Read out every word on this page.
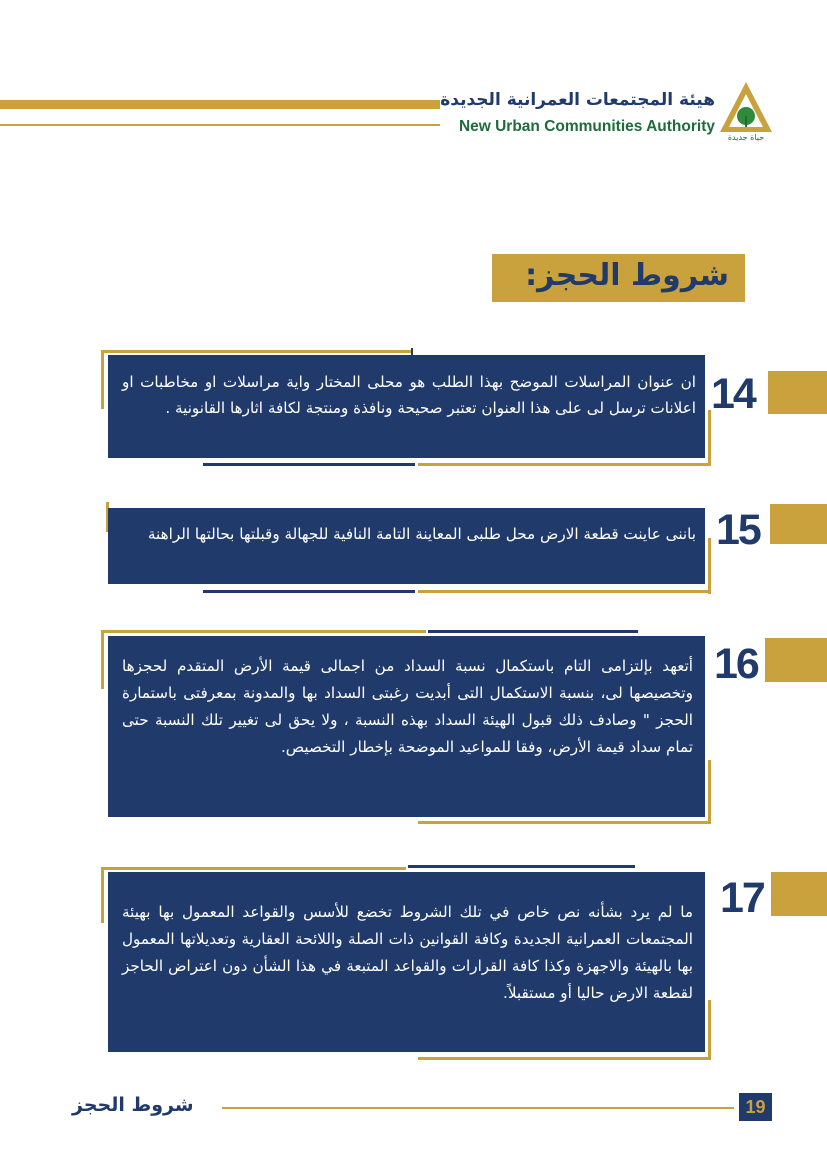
هيئة المجتمعات العمرانية الجديدة
New Urban Communities Authority
حياة جديدة
شروط الحجز:

ان عنوان المراسلات الموضح بهذا الطلب هو محلى المختار واية مراسلات او مخاطبات او اعلانات ترسل لى على هذا العنوان تعتبر صحيحة ونافذة ومنتجة لكافة اثارها القانونية . 14

باننى عاينت قطعة الارض محل طلبى المعاينة التامة النافية للجهالة وقبلتها بحالتها الراهنة 15

أتعهد بإلتزامى التام باستكمال نسبة السداد من اجمالى قيمة الأرض المتقدم لحجزها وتخصيصها لى، بنسبة الاستكمال التى أبديت رغبتى السداد بها والمدونة بمعرفتى باستمارة الحجز " وصادف ذلك قبول الهيئة السداد بهذه النسبة ، ولا يحق لى تغيير تلك النسبة حتى تمام سداد قيمة الأرض، وفقا للمواعيد الموضحة بإخطار التخصيص.

16

ما لم يرد بشأنه نص خاص في تلك الشروط تخضع للأسس والقواعد المعمول بها بهيئة المجتمعات العمرانية الجديدة وكافة القوانين ذات الصلة واللائحة العقارية وتعديلاتها المعمول بها بالهيئة والاجهزة وكذا كافة القرارات والقواعد المتبعة في هذا الشأن دون اعتراض الحاجز لقطعة الارض حاليا أو مستقبلاً.

17
شروط الحجز	19
